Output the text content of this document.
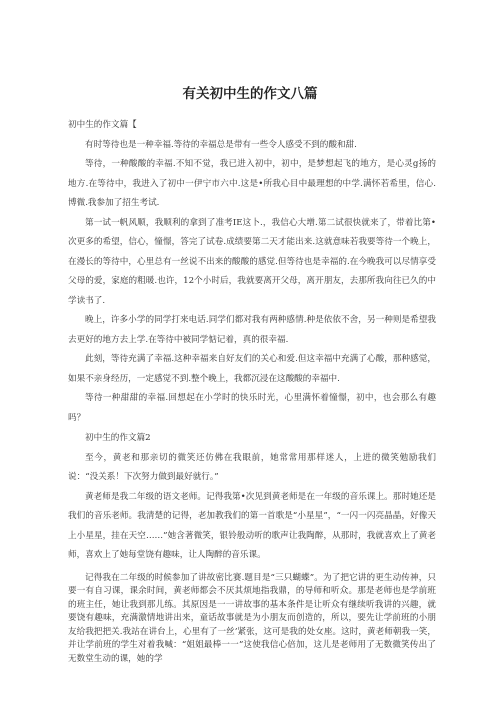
有关初中生的作文八篇

初中生的作文篇【

有时等待也是一种幸福.等待的幸福总是带有一些令人感受不到的酸和甜.

等待，一种酸酸的幸福.不知不觉，我已进入初中，初中，是梦想起飞的地方，是心灵g扬的地方.在等待中，我进入了初中一伊宁市六中.这是•所我心目中最理想的中学.满怀若希里，信心.博微.我参加了招生考试.

第一试一帆风顺，我顺利的拿到了准考IE这卜.，我信心大增.第二试很快就来了，带着比第•次更多的希望，信心，憧憬，答完了试卷.成绩要第二天才能出来.这就意味若我要等待一个晚上，在漫长的等待中，心里总有一丝说不出来的酸酸的感觉.但等待也是幸福的.在今晚我可以尽情享受父母的爱，家庭的粗暖.也许，12个小时后，我就要离开父母，离开朋友，去那所我向往已久的中学读书了.

晚上，许多小学的同学打来电话.同学们都对我有两种感情.种是依依不舍，另一种则是希望我去更好的地方去上学.在等待中被同学惦记着，真的很幸福.

此刻，等待充满了幸福.这种幸福来自好友们的关心和爱.但这幸福中充满了心酸，那种感觉，如果不亲身经历，一定感觉不到.整个晚上，我都沉浸在这酸酸的幸福中.

等待一种甜甜的幸福.回想起在小学时的快乐时光，心里满怀着憧憬，初中，也会那么有趣吗？

初中生的作文篇2

至今，黄老和那亲切的微笑还仿佛在我眼前，她常常用那样迷人，上进的微笑勉励我们说：“没关系！下次努力做到最好就行。”

黄老师是我二年级的语文老师。记得我第•次见到黄老师是在一年级的音乐课上。那时她还是我们的音乐老师。我清楚的记得，老加教我们的第一首歌是“小星星”，“一闪一闪亮晶晶，好像天上小星星，挂在天空……”她含著微笑，银铃般动听的歌声让我陶醉，从那时，我就喜欢上了黄老师，喜欢上了她每堂饶有趣味，让人陶醉的音乐课。

记得我在二年级的时候参加了讲故密比赛.题目是“三只蝴蝶”。为了把它讲的更生动传神，只要一有自习课，课余时间，黄老师都会不厌其烦地指我鼎，的导师和听众。那是老师也是学前班的班主任，她让我到那儿练。其原因是一一讲故事的基本条件是让听众有继续听我讲的兴趣，就要饶有趣味，充满激情地讲出来，童话故事就是为小朋友而创造的，所以，要先让学前班的小朋友给我把把关.我站在讲台上，心里有了一丝’紧张，这可是我的处女座。这时，黄老师朝我一笑，并让学前班的学生对着我喊：“姐姐最棒一一”这使我信心倍加，这儿是老师用了无数微笑传出了无数堂生动的课，她的学
